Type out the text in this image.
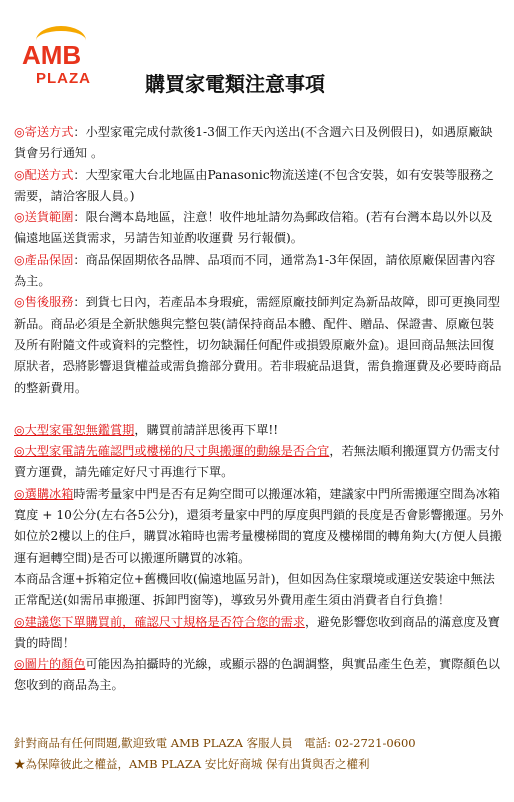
AMB
PLAZA	購買家電類注意事項

◎寄送方式：小型家電完成付款後1-3個工作天內送出(不含週六日及例假日)，如遇原廠缺貨會另行通知 。

◎配送方式：大型家電大台北地區由Panasonic物流送達(不包含安裝，如有安裝等服務之需要，請洽客服人員。)

◎送貨範圍：限台灣本島地區，注意！收件地址請勿為郵政信箱。(若有台灣本島以外以及偏遠地區送貨需求，另請告知並酌收運費 另行報價)。

◎產品保固：商品保固期依各品牌、品項而不同，通常為1-3年保固，請依原廠保固書內容為主。

◎售後服務：到貨七日內，若產品本身瑕疵，需經原廠技師判定為新品故障，即可更換同型新品。商品必須是全新狀態與完整包裝(請保持商品本體、配件、贈品、保證書、原廠包裝及所有附隨文件或資料的完整性，切勿缺漏任何配件或損毀原廠外盒)。退回商品無法回復原狀者，恐將影響退貨權益或需負擔部分費用。若非瑕疵品退貨，需負擔運費及必要時商品的整新費用。

◎大型家電恕無鑑賞期，購買前請詳思後再下單!!

◎大型家電請先確認門或樓梯的尺寸與搬運的動線是否合宜，若無法順利搬運買方仍需支付賣方運費，請先確定好尺寸再進行下單。

◎選購冰箱時需考量家中門是否有足夠空間可以搬運冰箱，建議家中門所需搬運空間為冰箱寬度 + 10公分(左右各5公分)，還須考量家中門的厚度與門鎖的長度是否會影響搬運。另外如位於2樓以上的住戶，購買冰箱時也需考量樓梯間的寬度及樓梯間的轉角夠大(方便人員搬運有迴轉空間)是否可以搬運所購買的冰箱。

本商品含運+拆箱定位+舊機回收(偏遠地區另計)，但如因為住家環境或運送安裝途中無法正常配送(如需吊車搬運、拆卸門窗等)，導致另外費用產生須由消費者自行負擔！

◎建議您下單購買前，確認尺寸規格是否符合您的需求，避免影響您收到商品的滿意度及寶貴的時間！

◎圖片的顏色可能因為拍攝時的光線，或顯示器的色調調整，與實品產生色差，實際顏色以您收到的商品為主。

針對商品有任何問題,歡迎致電 AMB PLAZA 客服人員　電話: 02-2721-0600

★為保障彼此之權益，AMB PLAZA 安比好商城 保有出貨與否之權利
